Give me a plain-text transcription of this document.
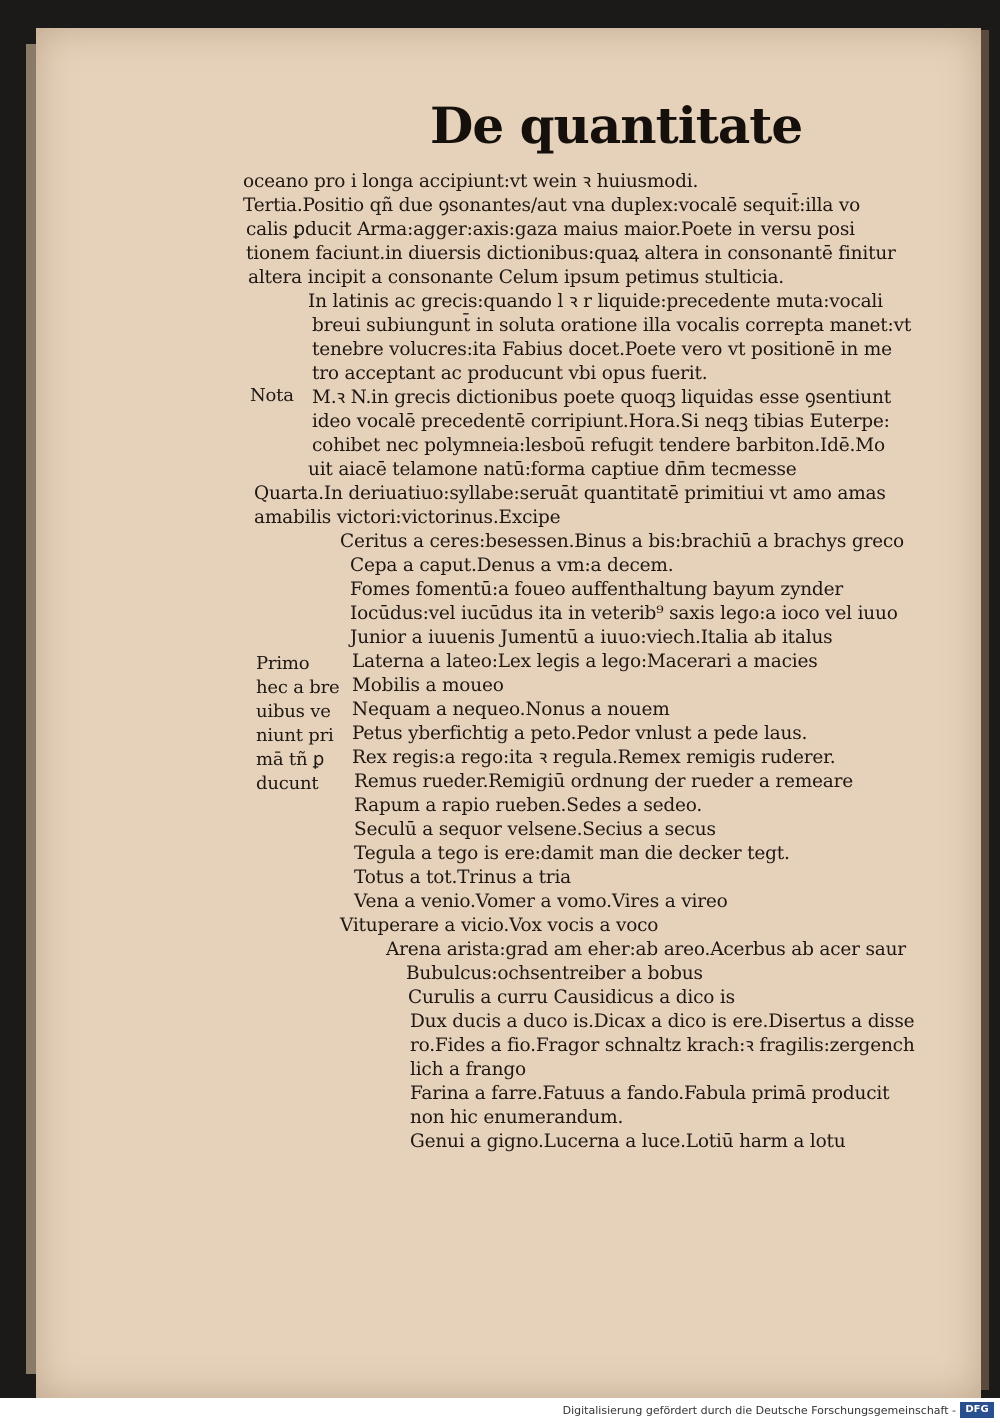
De quantitate
oceano pro i longa accipiunt:vt wein ꝛ huiusmodi.
Tertia.Positio qñ due ꝯsonantes/aut vna duplex:vocalē sequit̄:illa vo
calis ꝑducit Arma:agger:axis:gaza maius maior.Poete in versu posi
tionem faciunt.in diuersis dictionibus:quaꝝ altera in consonantē finitur
altera incipit a consonante Celum ipsum petimus stulticia.
In latinis ac grecis:quando l ꝛ r liquide:precedente muta:vocali
breui subiungunt̄ in soluta oratione illa vocalis correpta manet:vt
tenebre volucres:ita Fabius docet.Poete vero vt positionē in me
tro acceptant ac producunt vbi opus fuerit.
M.ꝛ N.in grecis dictionibus poete quoqꝫ liquidas esse ꝯsentiunt
ideo vocalē precedentē corripiunt.Hora.Si neqꝫ tibias Euterpe:
cohibet nec polymneia:lesboū refugit tendere barbiton.Idē.Mo
uit aiacē telamone natū:forma captiue dn̄m tecmesse
Quarta.In deriuatiuo:syllabe:seruāt quantitatē primitiui vt amo amas
amabilis victori:victorinus.Excipe
Ceritus a ceres:besessen.Binus a bis:brachiū a brachys greco
Cepa a caput.Denus a vm:a decem.
Fomes fomentū:a foueo auffenthaltung bayum zynder
Iocūdus:vel iucūdus ita in veterib⁹ saxis lego:a ioco vel iuuo
Junior a iuuenis Jumentū a iuuo:viech.Italia ab italus
Laterna a lateo:Lex legis a lego:Macerari a macies
Mobilis a moueo
Nequam a nequeo.Nonus a nouem
Petus yberfichtig a peto.Pedor vnlust a pede laus.
Rex regis:a rego:ita ꝛ regula.Remex remigis ruderer.
Remus rueder.Remigiū ordnung der rueder a remeare
Rapum a rapio rueben.Sedes a sedeo.
Seculū a sequor velsene.Secius a secus
Tegula a tego is ere:damit man die decker tegt.
Totus a tot.Trinus a tria
Vena a venio.Vomer a vomo.Vires a vireo
Vituperare a vicio.Vox vocis a voco
Arena arista:grad am eher:ab areo.Acerbus ab acer saur
Bubulcus:ochsentreiber a bobus
Curulis a curru Causidicus a dico is
Dux ducis a duco is.Dicax a dico is ere.Disertus a disse
ro.Fides a fio.Fragor schnaltz krach:ꝛ fragilis:zergench
lich a frango
Farina a farre.Fatuus a fando.Fabula primā producit
non hic enumerandum.
Genui a gigno.Lucerna a luce.Lotiū harm a lotu
Nota
Primo
hec a bre
uibus ve
niunt pri
mā tñ ꝑ
ducunt
Digitalisierung gefördert durch die Deutsche Forschungsgemeinschaft - DFG
